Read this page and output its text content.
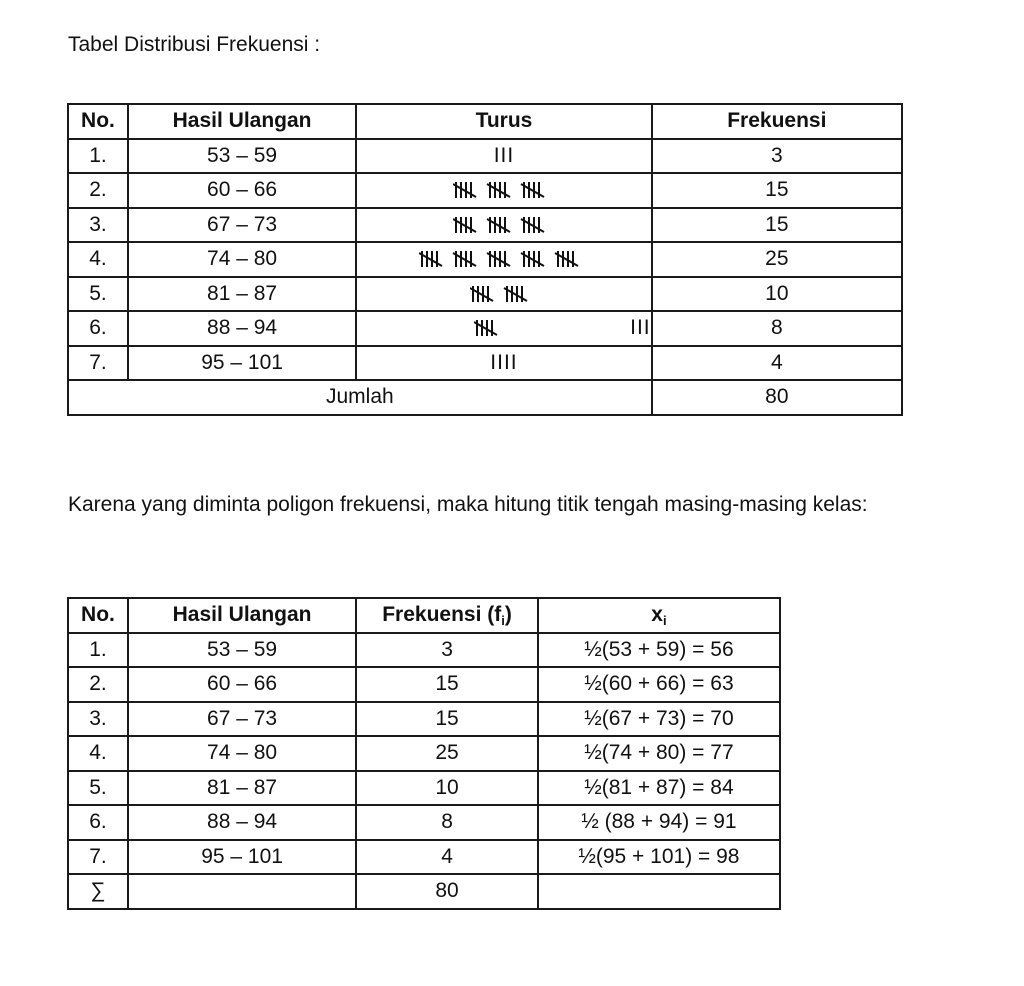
Tabel Distribusi Frekuensi :
No.	Hasil Ulangan	Turus	Frekuensi
1.	53 – 59	III	3
2.	60 – 66		15
3.	67 – 73		15
4.	74 – 80		25
5.	81 – 87		10
6.	88 – 94	III	8
7.	95 – 101	IIII	4
Jumlah			80

Karena yang diminta poligon frekuensi, maka hitung titik tengah masing-masing kelas:

No.	Hasil Ulangan	Frekuensi $(f_i)$	$x_i$
1.	53 – 59	3	½(53 + 59) = 56
2.	60 – 66	15	½(60 + 66) = 63
3.	67 – 73	15	½(67 + 73) = 70
4.	74 – 80	25	½(74 + 80) = 77
5.	81 – 87	10	½(81 + 87) = 84
6.	88 – 94	8	½ (88 + 94) = 91
7.	95 – 101	4	½(95 + 101) = 98
∑		80	
